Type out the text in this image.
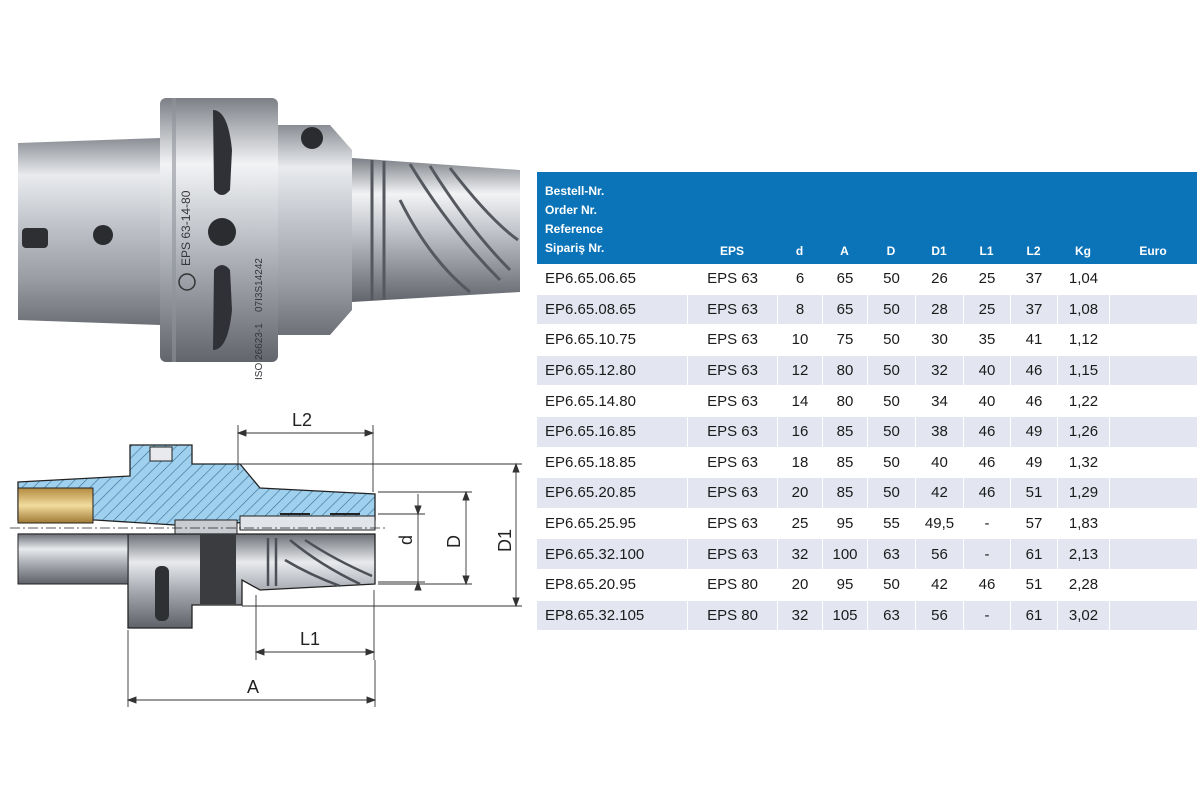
EPS 63-14-80
07I3S14242
ISO 26623-1
L2
d D D1
L1
A
Bestell-Nr.
Order Nr.
Reference
Sipariş Nr.	EPS	d	A	D	D1	L1	L2	Kg	Euro
EP6.65.06.65	EPS 63	6	65	50	26	25	37	1,04	
EP6.65.08.65	EPS 63	8	65	50	28	25	37	1,08	
EP6.65.10.75	EPS 63	10	75	50	30	35	41	1,12	
EP6.65.12.80	EPS 63	12	80	50	32	40	46	1,15	
EP6.65.14.80	EPS 63	14	80	50	34	40	46	1,22	
EP6.65.16.85	EPS 63	16	85	50	38	46	49	1,26	
EP6.65.18.85	EPS 63	18	85	50	40	46	49	1,32	
EP6.65.20.85	EPS 63	20	85	50	42	46	51	1,29	
EP6.65.25.95	EPS 63	25	95	55	49,5	-	57	1,83	
EP6.65.32.100	EPS 63	32	100	63	56	-	61	2,13	
EP8.65.20.95	EPS 80	20	95	50	42	46	51	2,28	
EP8.65.32.105	EPS 80	32	105	63	56	-	61	3,02	
